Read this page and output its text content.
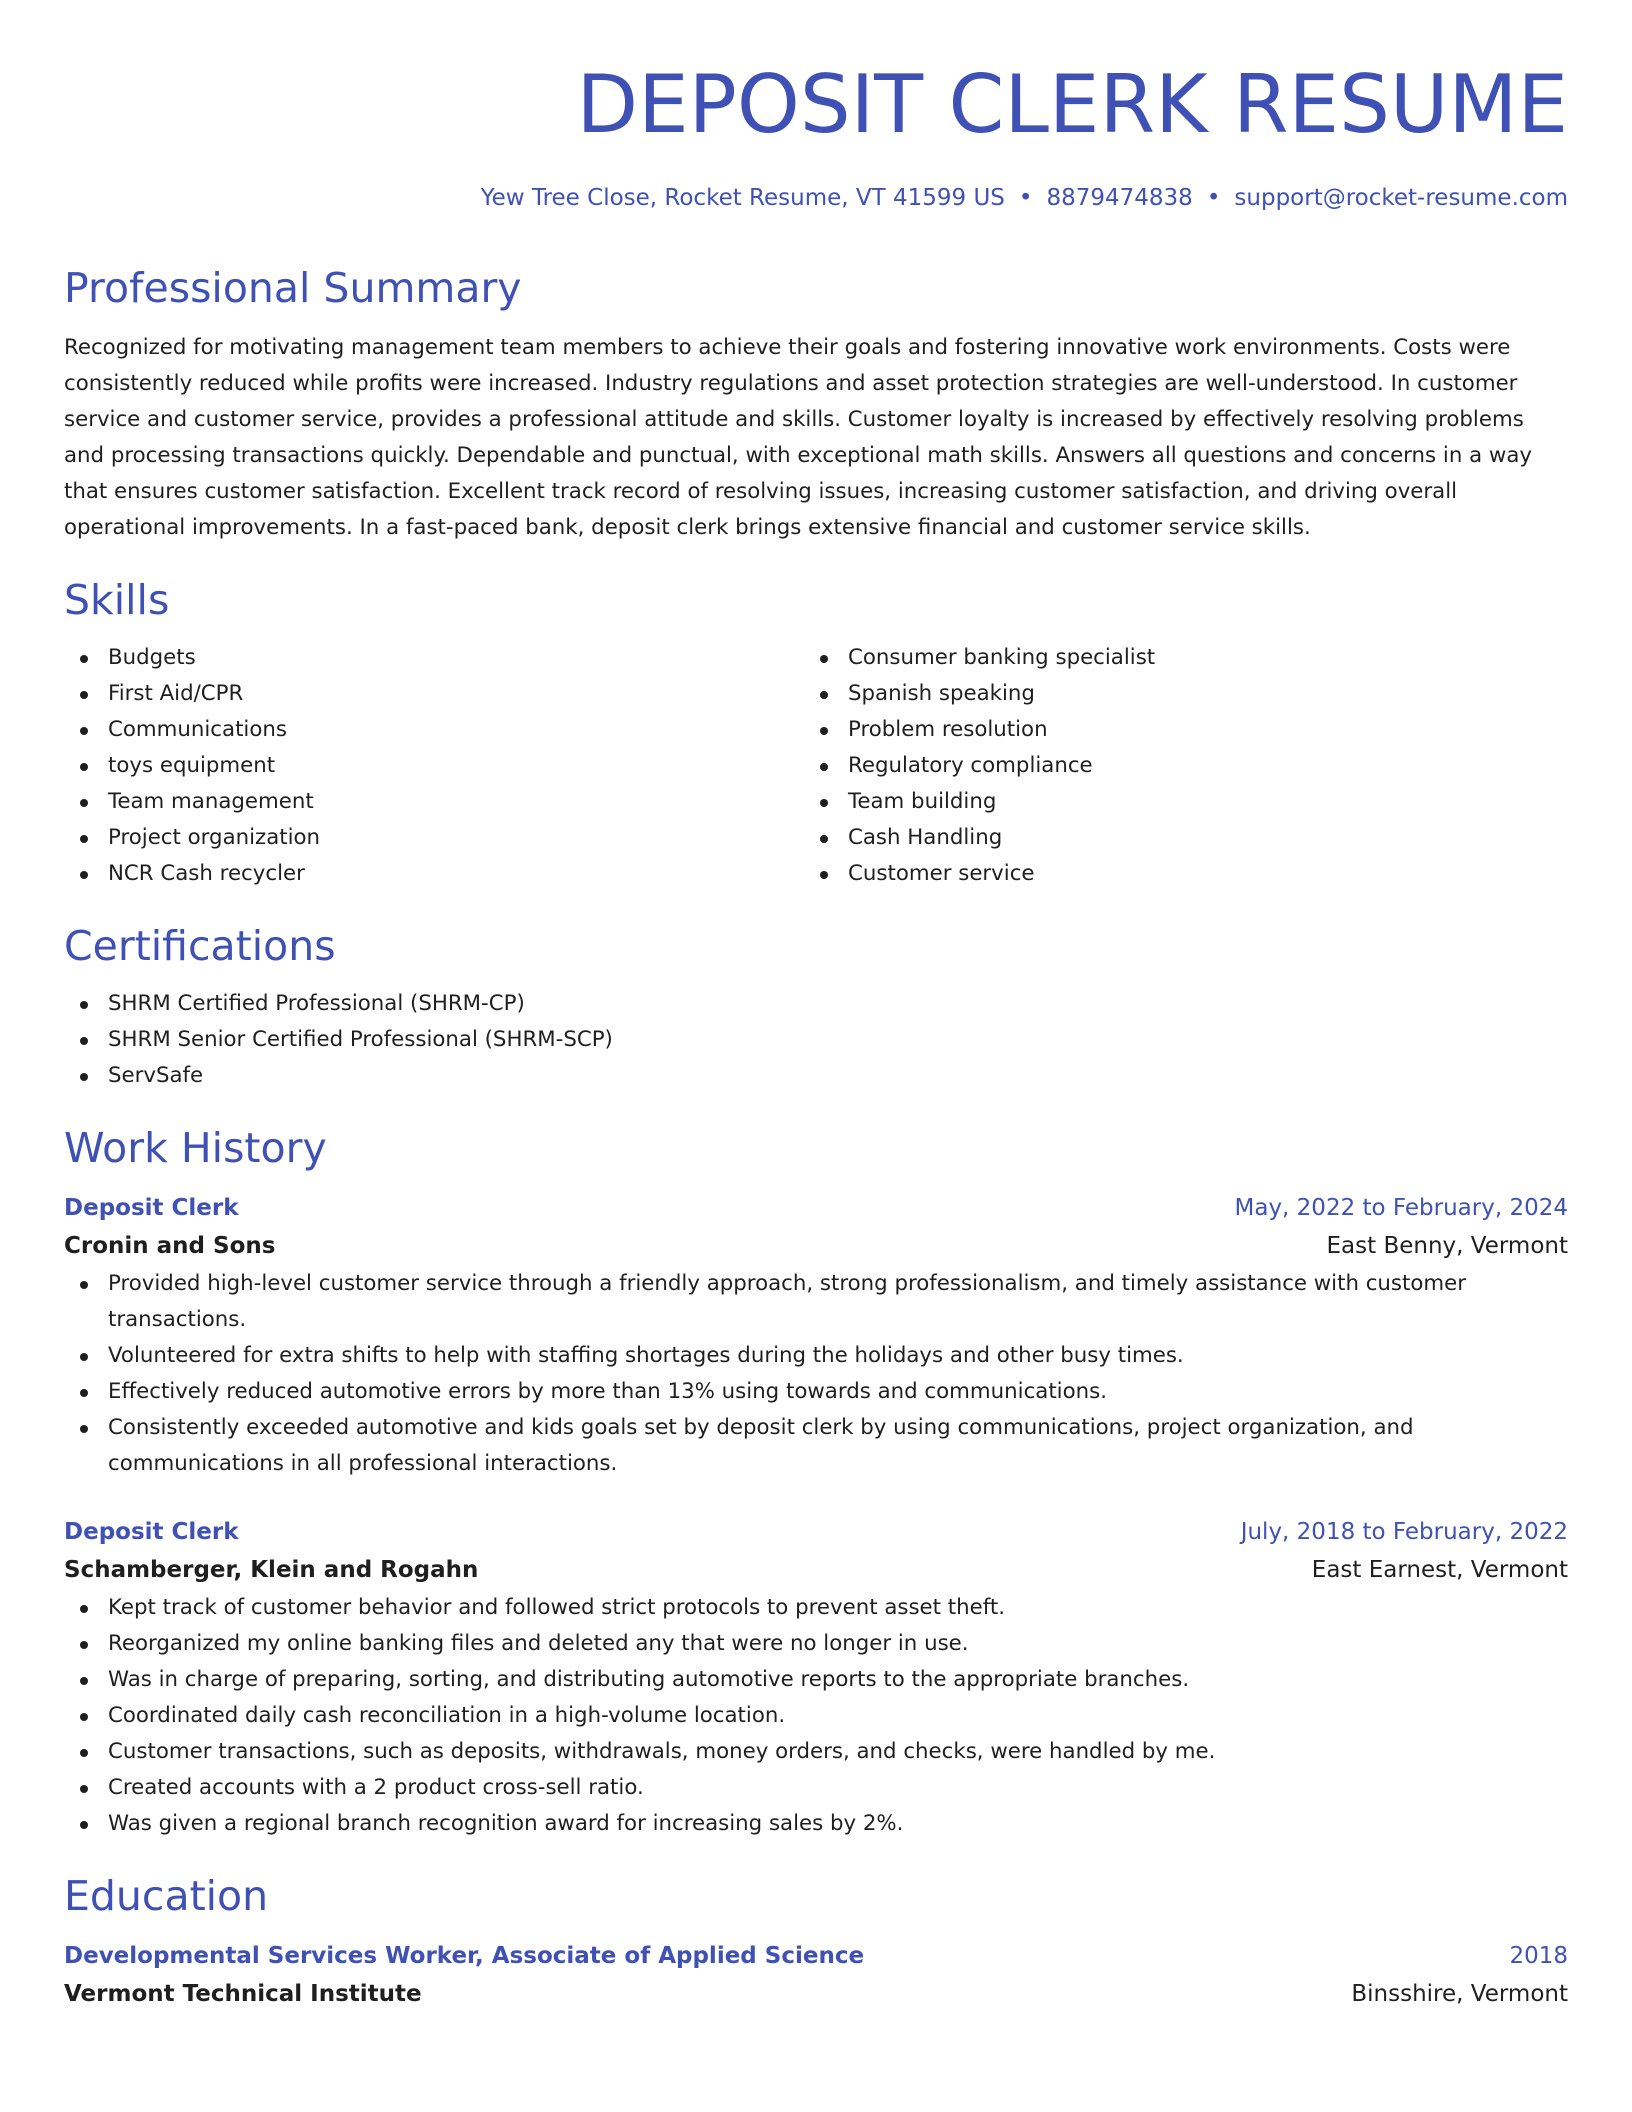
DEPOSIT CLERK RESUME
Yew Tree Close, Rocket Resume, VT 41599 US • 8879474838 • support@rocket-resume.com
Professional Summary

Recognized for motivating management team members to achieve their goals and fostering innovative work environments. Costs were consistently reduced while profits were increased. Industry regulations and asset protection strategies are well-understood. In customer service and customer service, provides a professional attitude and skills. Customer loyalty is increased by effectively resolving problems and processing transactions quickly. Dependable and punctual, with exceptional math skills. Answers all questions and concerns in a way that ensures customer satisfaction. Excellent track record of resolving issues, increasing customer satisfaction, and driving overall operational improvements. In a fast-paced bank, deposit clerk brings extensive financial and customer service skills.

Skills
Budgets
First Aid/CPR
Communications
toys equipment
Team management
Project organization
NCR Cash recycler
Consumer banking specialist
Spanish speaking
Problem resolution
Regulatory compliance
Team building
Cash Handling
Customer service
Certifications
SHRM Certified Professional (SHRM-CP)
SHRM Senior Certified Professional (SHRM-SCP)
ServSafe
Work History
Deposit Clerk	May, 2022 to February, 2024
Cronin and Sons	East Benny, Vermont
Provided high-level customer service through a friendly approach, strong professionalism, and timely assistance with customer transactions.
Volunteered for extra shifts to help with staffing shortages during the holidays and other busy times.
Effectively reduced automotive errors by more than 13% using towards and communications.
Consistently exceeded automotive and kids goals set by deposit clerk by using communications, project organization, and communications in all professional interactions.
Deposit Clerk	July, 2018 to February, 2022
Schamberger, Klein and Rogahn	East Earnest, Vermont
Kept track of customer behavior and followed strict protocols to prevent asset theft.
Reorganized my online banking files and deleted any that were no longer in use.
Was in charge of preparing, sorting, and distributing automotive reports to the appropriate branches.
Coordinated daily cash reconciliation in a high-volume location.
Customer transactions, such as deposits, withdrawals, money orders, and checks, were handled by me.
Created accounts with a 2 product cross-sell ratio.
Was given a regional branch recognition award for increasing sales by 2%.
Education
Developmental Services Worker, Associate of Applied Science	2018
Vermont Technical Institute	Binsshire, Vermont
